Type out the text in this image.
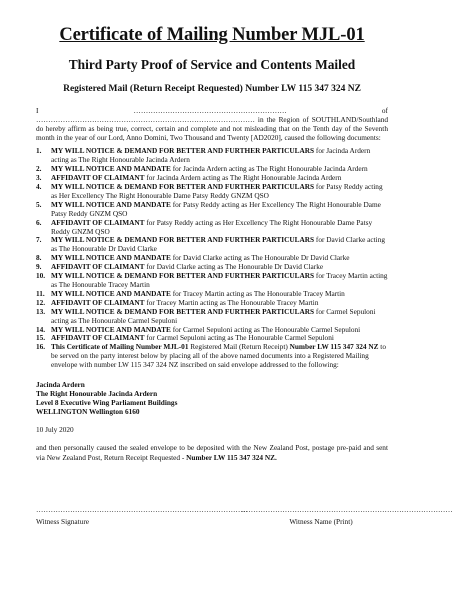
Certificate of Mailing Number MJL-01
Third Party Proof of Service and Contents Mailed
Registered Mail (Return Receipt Requested) Number LW 115 347 324 NZ

I ……………………………………………………… of ……………………………………………………………………………… in the Region of SOUTHLAND/Southland do hereby affirm as being true, correct, certain and complete and not misleading that on the Tenth day of the Seventh month in the year of our Lord, Anno Domini, Two Thousand and Twenty [AD2020], caused the following documents:

1. MY WILL NOTICE & DEMAND FOR BETTER AND FURTHER PARTICULARS for Jacinda Ardern acting as The Right Honourable Jacinda Ardern
2. MY WILL NOTICE AND MANDATE for Jacinda Ardern acting as The Right Honourable Jacinda Ardern
3. AFFIDAVIT OF CLAIMANT for Jacinda Ardern acting as The Right Honourable Jacinda Ardern
4. MY WILL NOTICE & DEMAND FOR BETTER AND FURTHER PARTICULARS for Patsy Reddy acting as Her Excellency The Right Honourable Dame Patsy Reddy GNZM QSO
5. MY WILL NOTICE AND MANDATE for Patsy Reddy acting as Her Excellency The Right Honourable Dame Patsy Reddy GNZM QSO
6. AFFIDAVIT OF CLAIMANT for Patsy Reddy acting as Her Excellency The Right Honourable Dame Patsy Reddy GNZM QSO
7. MY WILL NOTICE & DEMAND FOR BETTER AND FURTHER PARTICULARS for David Clarke acting as The Honourable Dr David Clarke
8. MY WILL NOTICE AND MANDATE for David Clarke acting as The Honourable Dr David Clarke
9. AFFIDAVIT OF CLAIMANT for David Clarke acting as The Honourable Dr David Clarke
10. MY WILL NOTICE & DEMAND FOR BETTER AND FURTHER PARTICULARS for Tracey Martin acting as The Honourable Tracey Martin
11. MY WILL NOTICE AND MANDATE for Tracey Martin acting as The Honourable Tracey Martin
12. AFFIDAVIT OF CLAIMANT for Tracey Martin acting as The Honourable Tracey Martin
13. MY WILL NOTICE & DEMAND FOR BETTER AND FURTHER PARTICULARS for Carmel Sepuloni acting as The Honourable Carmel Sepuloni
14. MY WILL NOTICE AND MANDATE for Carmel Sepuloni acting as The Honourable Carmel Sepuloni
15. AFFIDAVIT OF CLAIMANT for Carmel Sepuloni acting as The Honourable Carmel Sepuloni
16. This Certificate of Mailing Number MJL-01 Registered Mail (Return Receipt) Number LW 115 347 324 NZ to be served on the party interest below by placing all of the above named documents into a Registered Mailing envelope with number LW 115 347 324 NZ inscribed on said envelope addressed to the following:
Jacinda Ardern
The Right Honourable Jacinda Ardern
Level 8 Executive Wing Parliament Buildings
WELLINGTON Wellington 6160
10 July 2020

and then personally caused the sealed envelope to be deposited with the New Zealand Post, postage pre-paid and sent via New Zealand Post, Return Receipt Requested - Number LW 115 347 324 NZ.

……………………………………………………………………………
Witness Signature
……………………………………………………………………………
Witness Name (Print)
